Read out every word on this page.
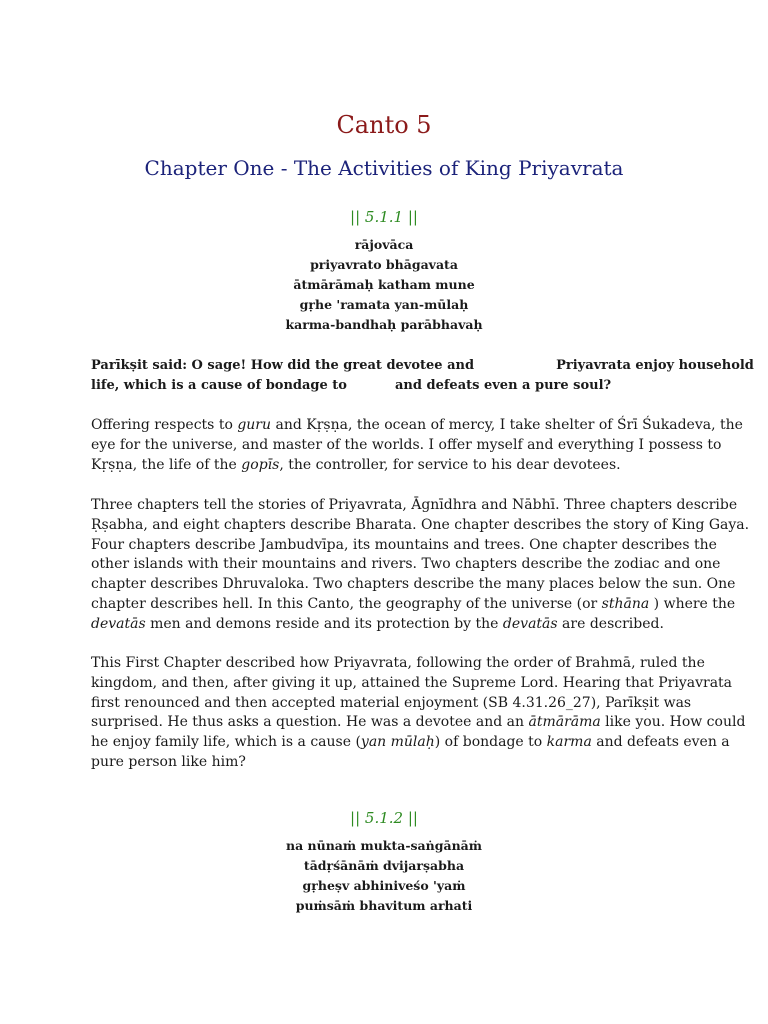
Canto 5
Chapter One - The Activities of King Priyavrata
|| 5.1.1 ||
rājovāca
priyavrato bhāgavata
ātmārāmaḥ katham mune
gṛhe 'ramata yan-mūlaḥ
karma-bandhaḥ parābhavaḥ
Parīkṣit said: O sage! How did the great devotee and	Priyavrata enjoy household
life, which is a cause of bondage to	and defeats even a pure soul?
Offering respects to guru and Kṛṣṇa, the ocean of mercy, I take shelter of Śrī Śukadeva, the
eye for the universe, and master of the worlds. I offer myself and everything I possess to
Kṛṣṇa, the life of the gopīs, the controller, for service to his dear devotees.
Three chapters tell the stories of Priyavrata, Āgnīdhra and Nābhī. Three chapters describe
Ṛṣabha, and eight chapters describe Bharata. One chapter describes the story of King Gaya.
Four chapters describe Jambudvīpa, its mountains and trees. One chapter describes the
other islands with their mountains and rivers. Two chapters describe the zodiac and one
chapter describes Dhruvaloka. Two chapters describe the many places below the sun. One
chapter describes hell. In this Canto, the geography of the universe (or sthāna ) where the
devatās men and demons reside and its protection by the devatās are described.
This First Chapter described how Priyavrata, following the order of Brahmā, ruled the
kingdom, and then, after giving it up, attained the Supreme Lord. Hearing that Priyavrata
first renounced and then accepted material enjoyment (SB 4.31.26_27), Parīkṣit was
surprised. He thus asks a question. He was a devotee and an ātmārāma like you. How could
he enjoy family life, which is a cause (yan mūlaḥ) of bondage to karma and defeats even a
pure person like him?
|| 5.1.2 ||
na nūnaṁ mukta-saṅgānāṁ
tādṛśānāṁ dvijarṣabha
gṛheṣv abhiniveśo 'yaṁ
puṁsāṁ bhavitum arhati
